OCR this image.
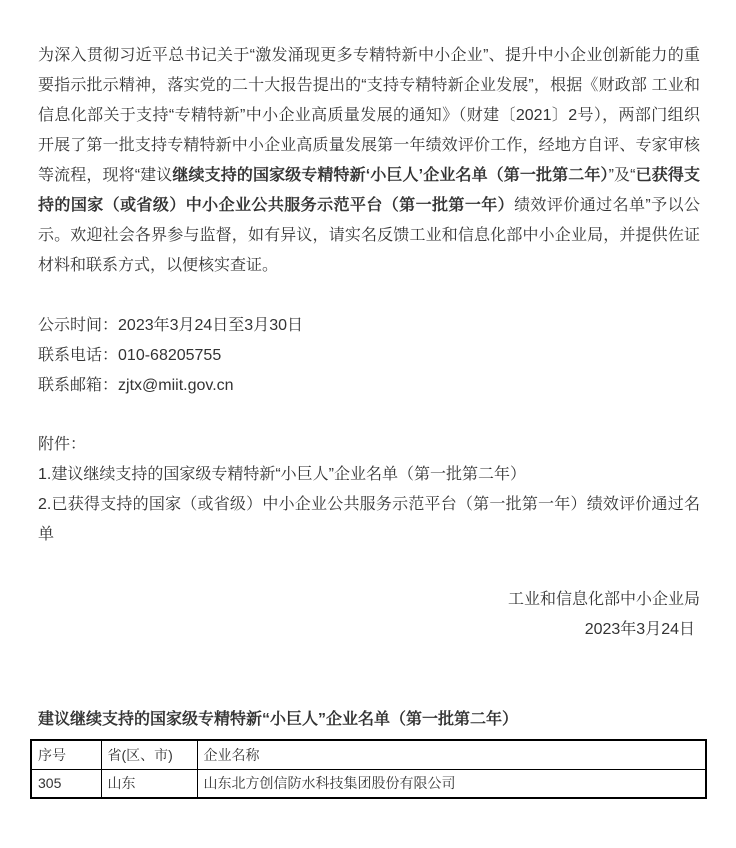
为深入贯彻习近平总书记关于“激发涌现更多专精特新中小企业”、提升中小企业创新能力的重要指示批示精神，落实党的二十大报告提出的“支持专精特新企业发展”，根据《财政部 工业和信息化部关于支持“专精特新”中小企业高质量发展的通知》（财建〔2021〕2号），两部门组织开展了第一批支持专精特新中小企业高质量发展第一年绩效评价工作，经地方自评、专家审核等流程，现将“建议继续支持的国家级专精特新‘小巨人’企业名单（第一批第二年）”及“已获得支持的国家（或省级）中小企业公共服务示范平台（第一批第一年）绩效评价通过名单”予以公示。欢迎社会各界参与监督，如有异议，请实名反馈工业和信息化部中小企业局，并提供佐证材料和联系方式，以便核实查证。

公示时间：2023年3月24日至3月30日
联系电话：010-68205755
联系邮箱：zjtx@miit.gov.cn
附件：
1.建议继续支持的国家级专精特新“小巨人”企业名单（第一批第二年）
2.已获得支持的国家（或省级）中小企业公共服务示范平台（第一批第一年）绩效评价通过名单
工业和信息化部中小企业局
2023年3月24日

建议继续支持的国家级专精特新“小巨人”企业名单（第一批第二年）

序号	省(区、市)	企业名称
305	山东	山东北方创信防水科技集团股份有限公司
